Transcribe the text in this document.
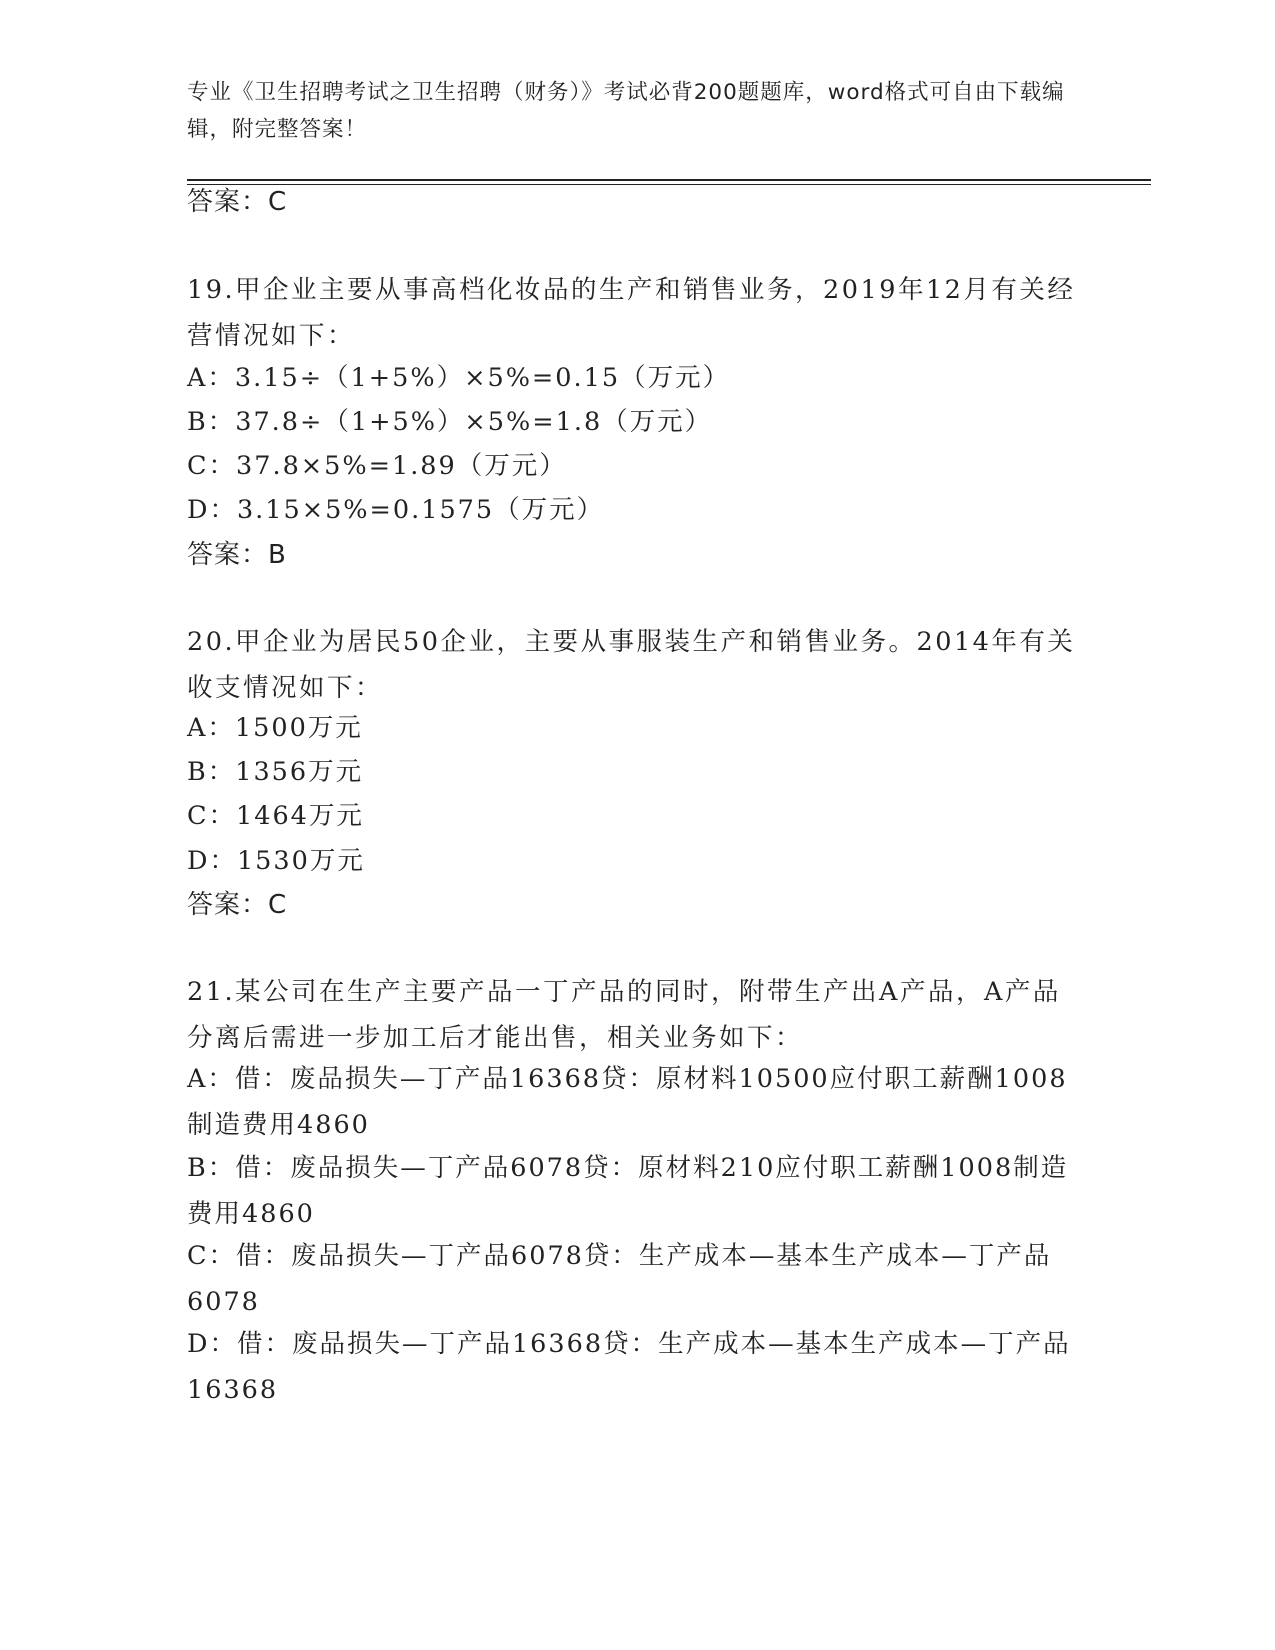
专业《卫生招聘考试之卫生招聘（财务）》考试必背200题题库，word格式可自由下载编辑，附完整答案！
答案：C
19.甲企业主要从事高档化妆品的生产和销售业务，2019年12月有关经营情况如下：
A：3.15÷（1+5%）×5%=0.15（万元）
B：37.8÷（1+5%）×5%=1.8（万元）
C：37.8×5%=1.89（万元）
D：3.15×5%=0.1575（万元）
答案：B
20.甲企业为居民50企业，主要从事服装生产和销售业务。2014年有关收支情况如下：
A：1500万元
B：1356万元
C：1464万元
D：1530万元
答案：C
21.某公司在生产主要产品一丁产品的同时，附带生产出A产品，A产品分离后需进一步加工后才能出售，相关业务如下：
A：借：废品损失—丁产品16368贷：原材料10500应付职工薪酬1008制造费用4860
B：借：废品损失—丁产品6078贷：原材料210应付职工薪酬1008制造费用4860
C：借：废品损失—丁产品6078贷：生产成本—基本生产成本—丁产品6078
D：借：废品损失—丁产品16368贷：生产成本—基本生产成本—丁产品16368
